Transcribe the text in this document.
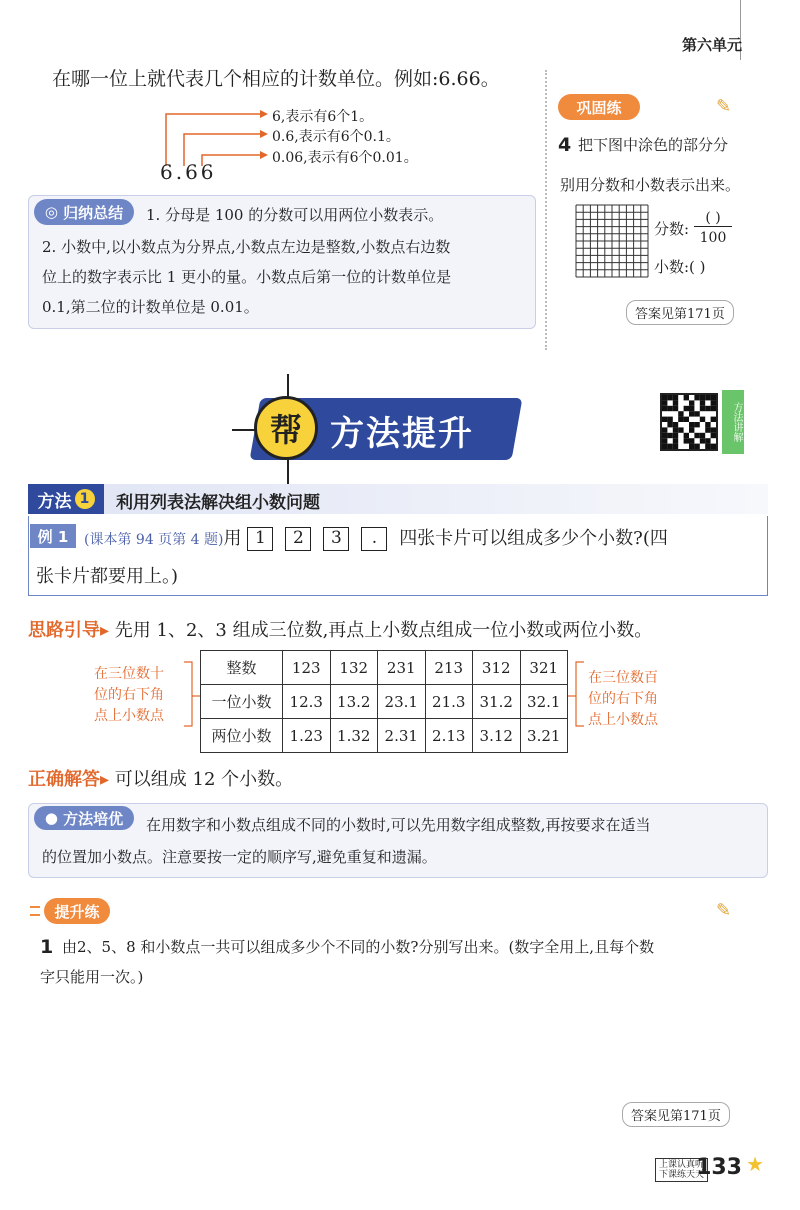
第六单元
在哪一位上就代表几个相应的计数单位。例如:6.66。
6.66
6,表示有6个1。
0.6,表示有6个0.1。
0.06,表示有6个0.01。
◎ 归纳总结 1. 分母是 100 的分数可以用两位小数表示。
2. 小数中,以小数点为分界点,小数点左边是整数,小数点右边数
位上的数字表示比 1 更小的量。小数点后第一位的计数单位是
0.1,第二位的计数单位是 0.01。
巩固练	✎
4 把下图中涂色的部分分
别用分数和小数表示出来。
分数:
( )
100
小数:( )
答案见第171页
帮 方法提升	方法讲解
方法 1	利用列表法解决组小数问题
例 1	(课本第 94 页第 4 题)用 1 2 3 . 四张卡片可以组成多少个小数?(四
张卡片都要用上。)
思路引导▸ 先用 1、2、3 组成三位数,再点上小数点组成一位小数或两位小数。
整数	123	132	231	213	312	321
一位小数	12.3	13.2	23.1	21.3	31.2	32.1
两位小数	1.23	1.32	2.31	2.13	3.12	3.21
在三位数十
位的右下角
点上小数点
在三位数百
位的右下角
点上小数点
正确解答▸ 可以组成 12 个小数。
● 方法培优 在用数字和小数点组成不同的小数时,可以先用数字组成整数,再按要求在适当
的位置加小数点。注意要按一定的顺序写,避免重复和遗漏。
提升练	✎
1 由2、5、8 和小数点一共可以组成多少个不同的小数?分别写出来。(数字全用上,且每个数
字只能用一次。)
答案见第171页
上课认真听
下课练天天
133 ★
